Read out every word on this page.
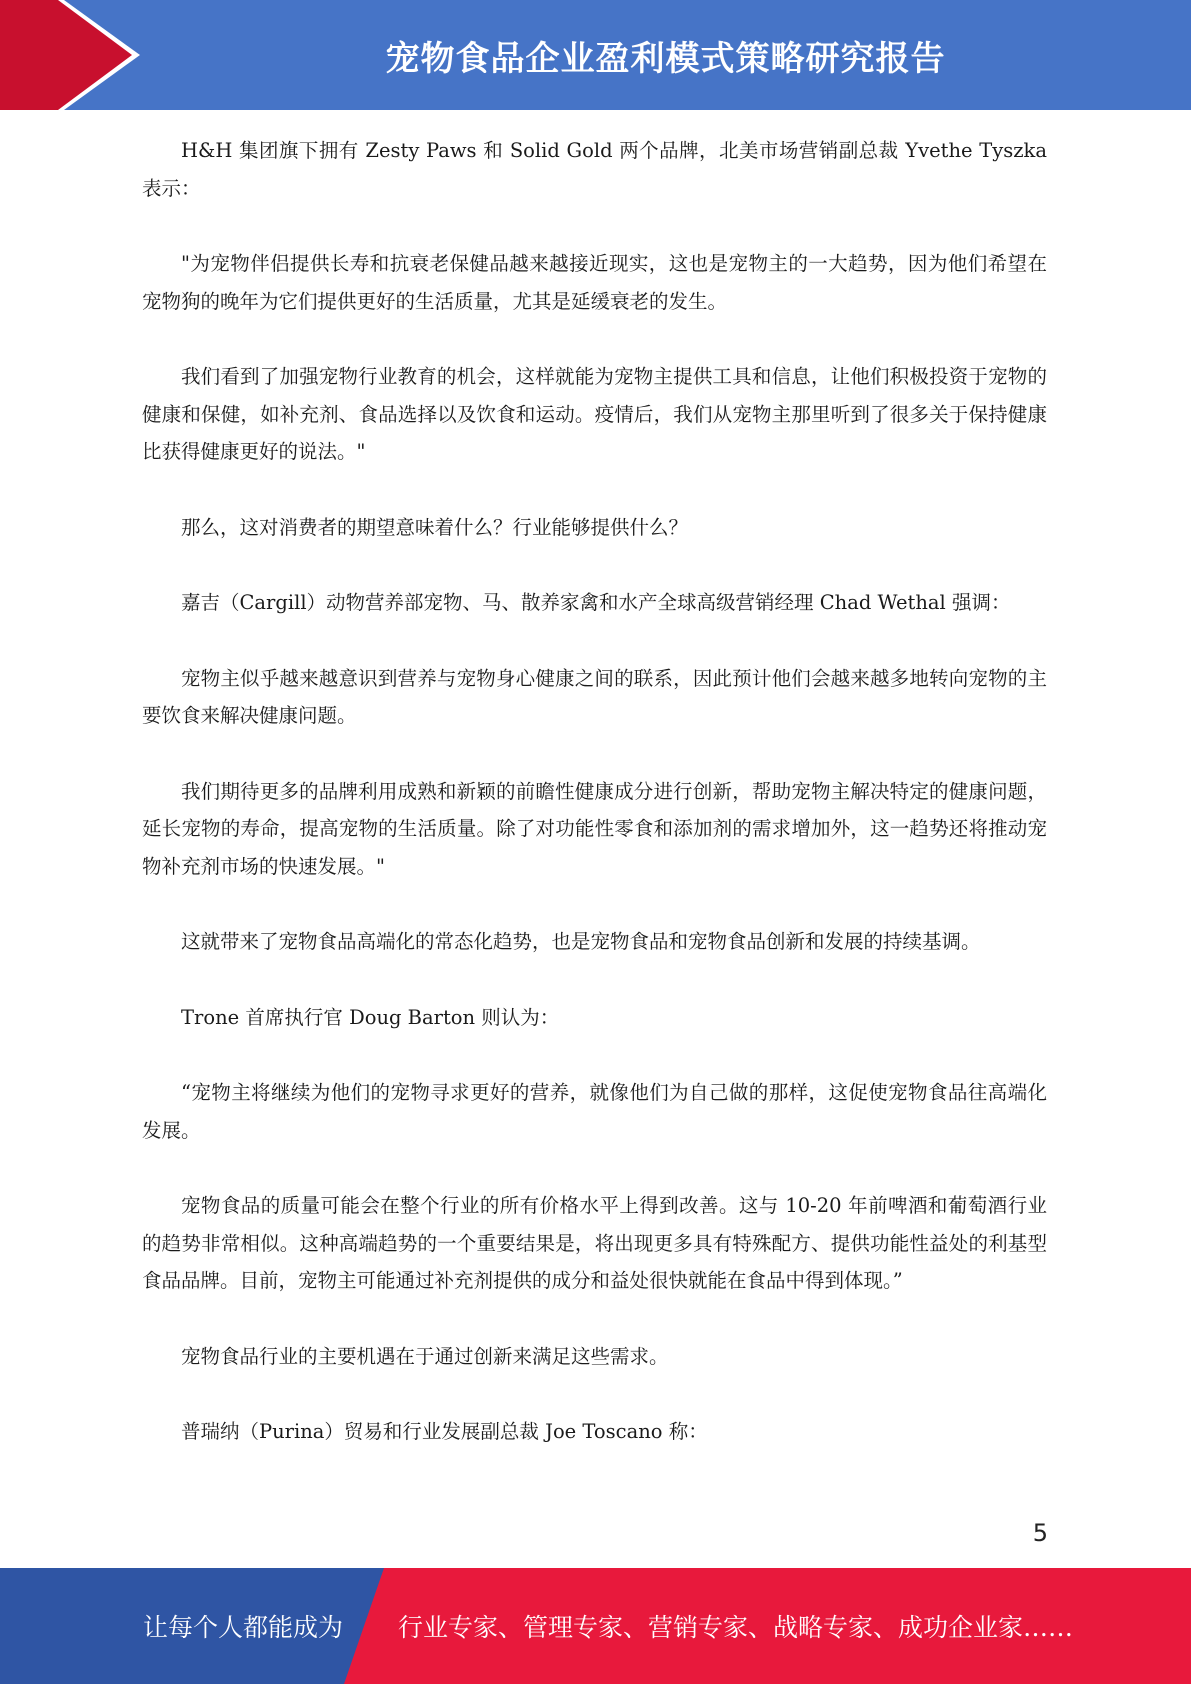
宠物食品企业盈利模式策略研究报告

H&H 集团旗下拥有 Zesty Paws 和 Solid Gold 两个品牌，北美市场营销副总裁 Yvethe Tyszka 表示：

"为宠物伴侣提供长寿和抗衰老保健品越来越接近现实，这也是宠物主的一大趋势，因为他们希望在宠物狗的晚年为它们提供更好的生活质量，尤其是延缓衰老的发生。

我们看到了加强宠物行业教育的机会，这样就能为宠物主提供工具和信息，让他们积极投资于宠物的健康和保健，如补充剂、食品选择以及饮食和运动。疫情后，我们从宠物主那里听到了很多关于保持健康比获得健康更好的说法。"

那么，这对消费者的期望意味着什么？行业能够提供什么？

嘉吉（Cargill）动物营养部宠物、马、散养家禽和水产全球高级营销经理 Chad Wethal 强调：

宠物主似乎越来越意识到营养与宠物身心健康之间的联系，因此预计他们会越来越多地转向宠物的主要饮食来解决健康问题。

我们期待更多的品牌利用成熟和新颖的前瞻性健康成分进行创新，帮助宠物主解决特定的健康问题，延长宠物的寿命，提高宠物的生活质量。除了对功能性零食和添加剂的需求增加外，这一趋势还将推动宠物补充剂市场的快速发展。"

这就带来了宠物食品高端化的常态化趋势，也是宠物食品和宠物食品创新和发展的持续基调。

Trone 首席执行官 Doug Barton 则认为：

“宠物主将继续为他们的宠物寻求更好的营养，就像他们为自己做的那样，这促使宠物食品往高端化发展。

宠物食品的质量可能会在整个行业的所有价格水平上得到改善。这与 10-20 年前啤酒和葡萄酒行业的趋势非常相似。这种高端趋势的一个重要结果是，将出现更多具有特殊配方、提供功能性益处的利基型食品品牌。目前，宠物主可能通过补充剂提供的成分和益处很快就能在食品中得到体现。”

宠物食品行业的主要机遇在于通过创新来满足这些需求。

普瑞纳（Purina）贸易和行业发展副总裁 Joe Toscano 称：

5
让每个人都能成为 行业专家、管理专家、营销专家、战略专家、成功企业家……
